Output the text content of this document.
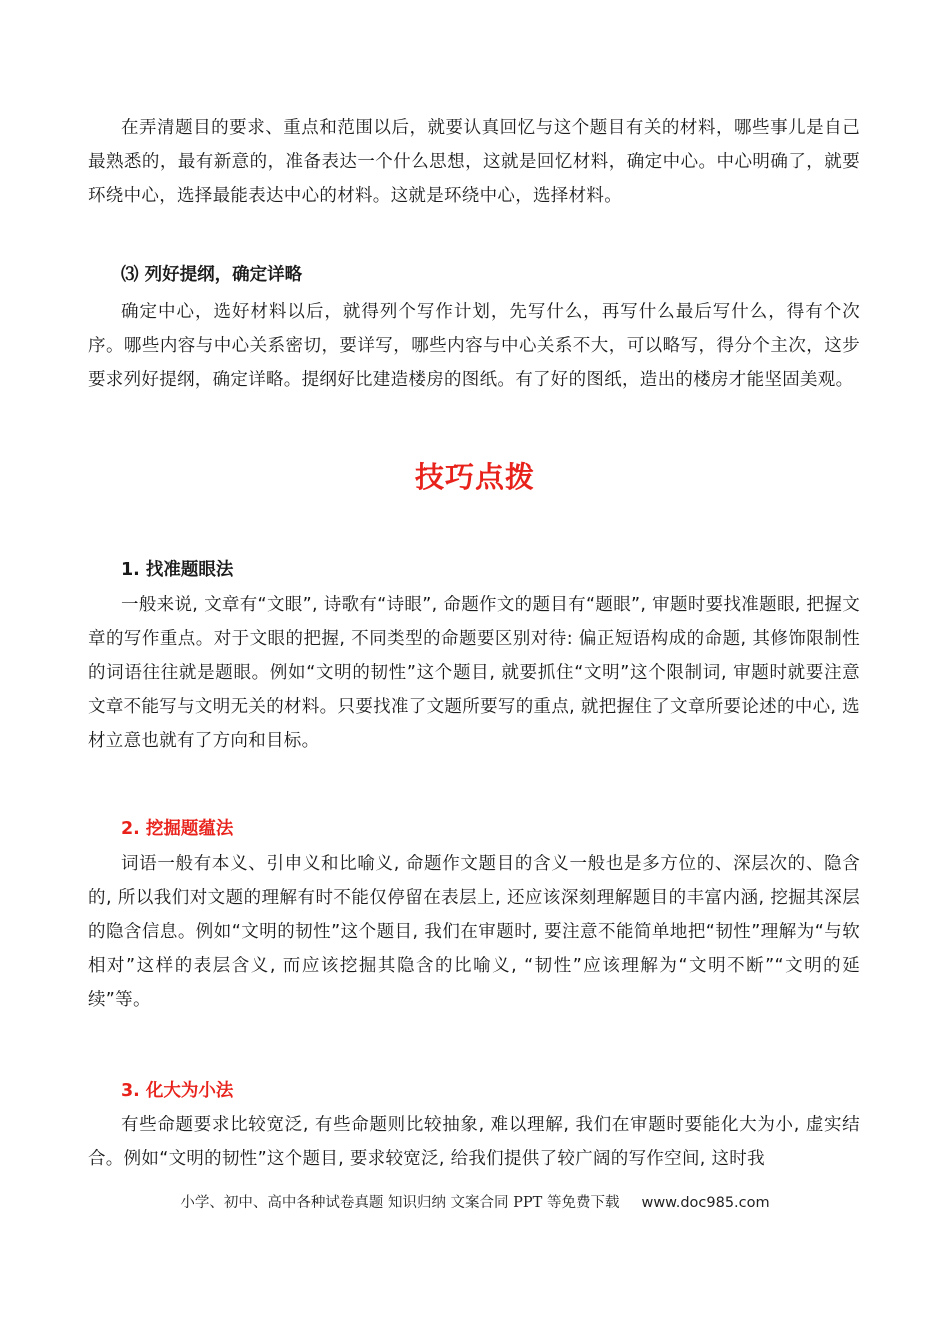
在弄清题目的要求、重点和范围以后，就要认真回忆与这个题目有关的材料，哪些事儿是自己最熟悉的，最有新意的，准备表达一个什么思想，这就是回忆材料，确定中心。中心明确了，就要环绕中心，选择最能表达中心的材料。这就是环绕中心，选择材料。

⑶ 列好提纲，确定详略

确定中心，选好材料以后，就得列个写作计划，先写什么，再写什么最后写什么，得有个次序。哪些内容与中心关系密切，要详写，哪些内容与中心关系不大，可以略写，得分个主次，这步要求列好提纲，确定详略。提纲好比建造楼房的图纸。有了好的图纸，造出的楼房才能坚固美观。

技巧点拨
1. 找准题眼法

一般来说, 文章有“文眼”, 诗歌有“诗眼”, 命题作文的题目有“题眼”, 审题时要找准题眼, 把握文章的写作重点。对于文眼的把握, 不同类型的命题要区别对待: 偏正短语构成的命题, 其修饰限制性的词语往往就是题眼。例如“文明的韧性”这个题目, 就要抓住“文明”这个限制词, 审题时就要注意文章不能写与文明无关的材料。只要找准了文题所要写的重点, 就把握住了文章所要论述的中心, 选材立意也就有了方向和目标。

2. 挖掘题蕴法

词语一般有本义、引申义和比喻义, 命题作文题目的含义一般也是多方位的、深层次的、隐含的, 所以我们对文题的理解有时不能仅停留在表层上, 还应该深刻理解题目的丰富内涵, 挖掘其深层的隐含信息。例如“文明的韧性”这个题目, 我们在审题时, 要注意不能简单地把“韧性”理解为“与软相对”这样的表层含义, 而应该挖掘其隐含的比喻义, “韧性”应该理解为“文明不断”“文明的延续”等。

3. 化大为小法

有些命题要求比较宽泛, 有些命题则比较抽象, 难以理解, 我们在审题时要能化大为小, 虚实结合。例如“文明的韧性”这个题目, 要求较宽泛, 给我们提供了较广阔的写作空间, 这时我

小学、初中、高中各种试卷真题 知识归纳 文案合同 PPT 等免费下载 www.doc985.com
